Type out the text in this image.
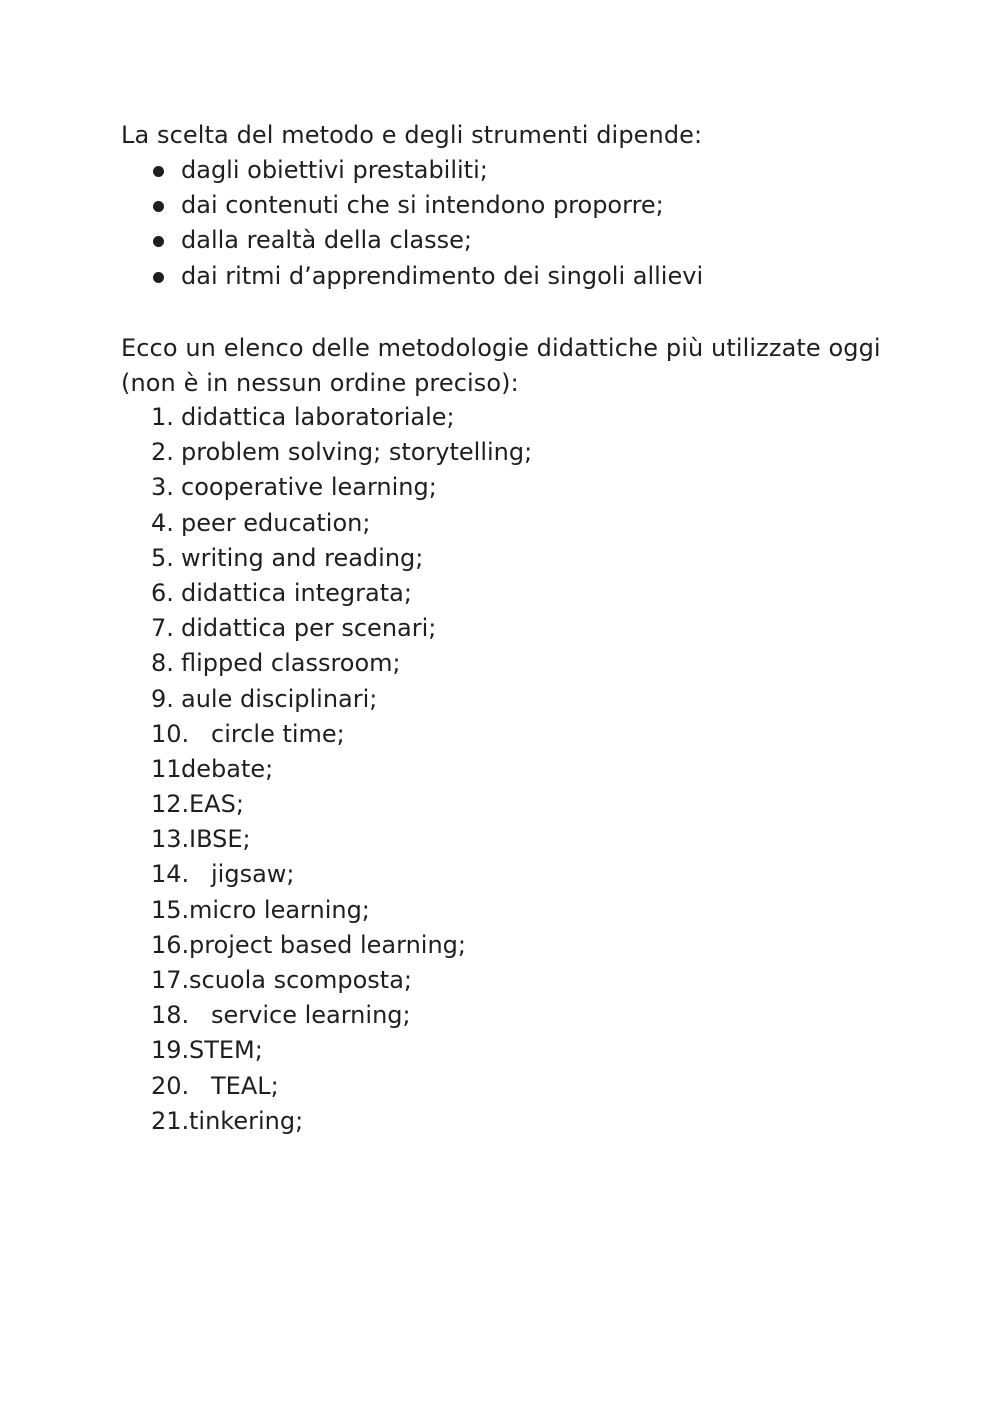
La scelta del metodo e degli strumenti dipende:

dagli obiettivi prestabiliti;
dai contenuti che si intendono proporre;
dalla realtà della classe;
dai ritmi d’apprendimento dei singoli allievi

Ecco un elenco delle metodologie didattiche più utilizzate oggi (non è in nessun ordine preciso):

1. didattica laboratoriale;
2. problem solving; storytelling;
3. cooperative learning;
4. peer education;
5. writing and reading;
6. didattica integrata;
7. didattica per scenari;
8. flipped classroom;
9. aule disciplinari;
10. circle time;
11.
debate;
12. EAS;
13. IBSE;
14. jigsaw;
15. micro learning;
16. project based learning;
17. scuola scomposta;
18. service learning;
19. STEM;
20. TEAL;
21. tinkering;
